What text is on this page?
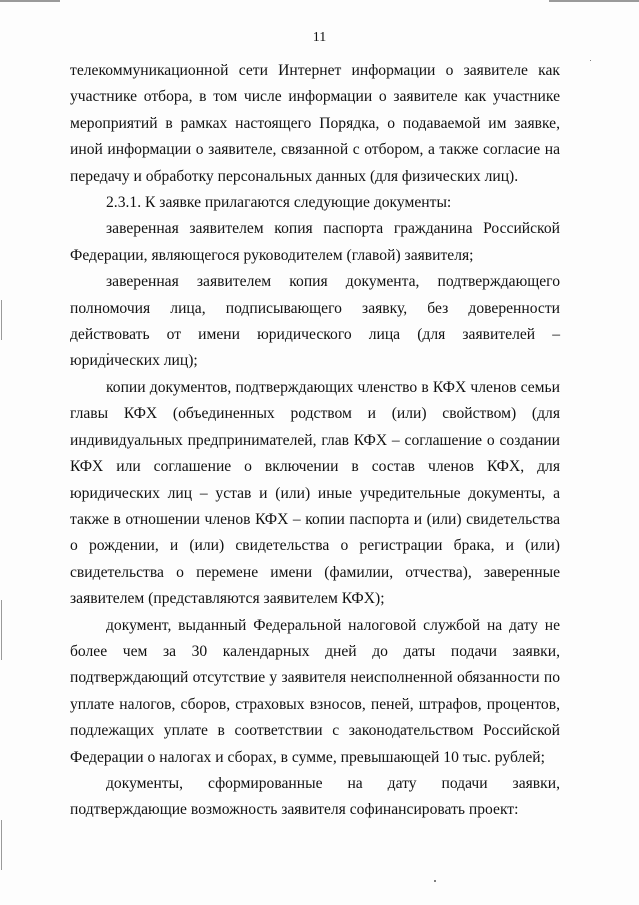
11

телекоммуникационной сети Интернет информации о заявителе как участнике отбора, в том числе информации о заявителе как участнике мероприятий в рамках настоящего Порядка, о подаваемой им заявке, иной информации о заявителе, связанной с отбором, а также согласие на передачу и обработку персональных данных (для физических лиц).

2.3.1. К заявке прилагаются следующие документы:

заверенная заявителем копия паспорта гражданина Российской Федерации, являющегося руководителем (главой) заявителя;

заверенная заявителем копия документа, подтверждающего полномочия лица, подписывающего заявку, без доверенности действовать от имени юридического лица (для заявителей – юридических лиц);

копии документов, подтверждающих членство в КФХ членов семьи главы КФХ (объединенных родством и (или) свойством) (для индивидуальных предпринимателей, глав КФХ – соглашение о создании КФХ или соглашение о включении в состав членов КФХ, для юридических лиц – устав и (или) иные учредительные документы, а также в отношении членов КФХ – копии паспорта и (или) свидетельства о рождении, и (или) свидетельства о регистрации брака, и (или) свидетельства о перемене имени (фамилии, отчества), заверенные заявителем (представляются заявителем КФХ);

документ, выданный Федеральной налоговой службой на дату не более чем за 30 календарных дней до даты подачи заявки, подтверждающий отсутствие у заявителя неисполненной обязанности по уплате налогов, сборов, страховых взносов, пеней, штрафов, процентов, подлежащих уплате в соответствии с законодательством Российской Федерации о налогах и сборах, в сумме, превышающей 10 тыс. рублей;

документы, сформированные на дату подачи заявки, подтверждающие возможность заявителя софинансировать проект:
